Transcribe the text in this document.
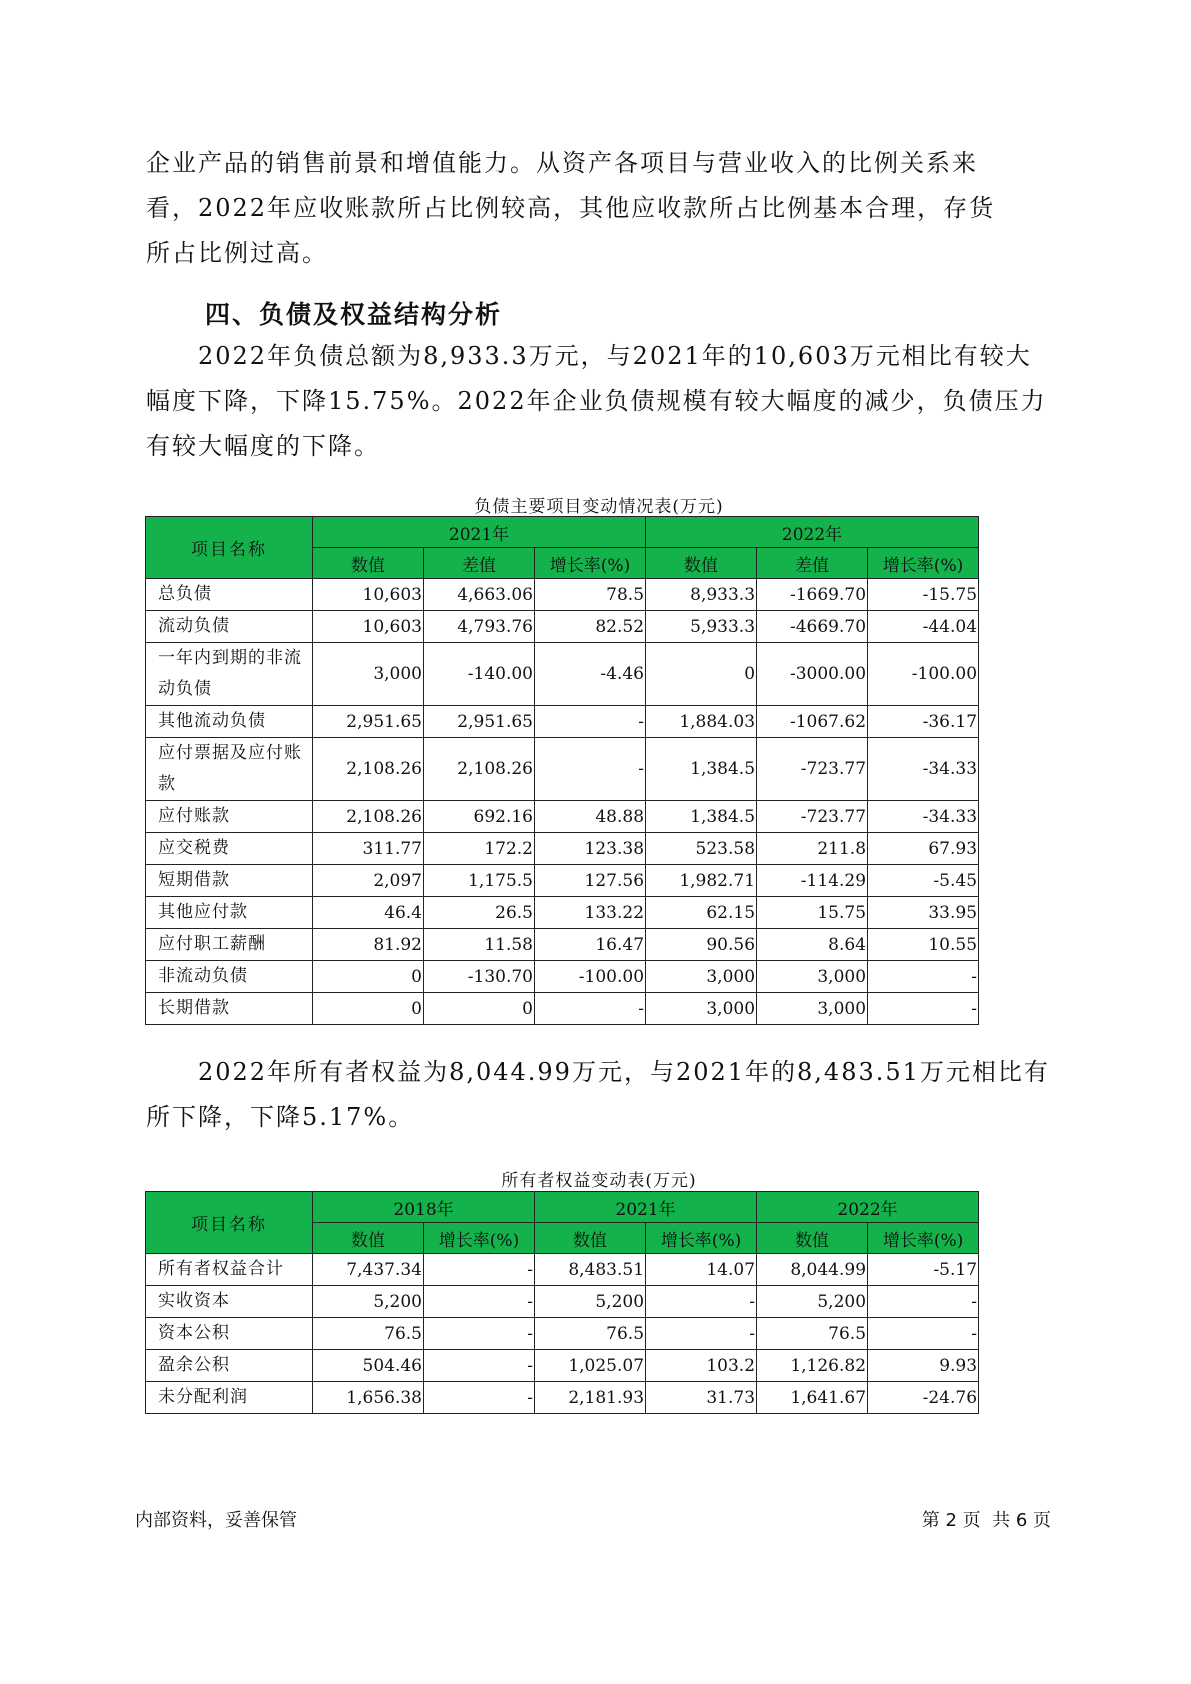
企业产品的销售前景和增值能力。从资产各项目与营业收入的比例关系来
看，2022年应收账款所占比例较高，其他应收款所占比例基本合理，存货
所占比例过高。
四、负债及权益结构分析

2022年负债总额为8,933.3万元，与2021年的10,603万元相比有较大幅度下降，下降15.75%。2022年企业负债规模有较大幅度的减少，负债压力有较大幅度的下降。

负债主要项目变动情况表(万元)
项目名称	2021年			2022年		
	数值	差值	增长率(%)	数值	差值	增长率(%)
总负债	10,603	4,663.06	78.5	8,933.3	-1669.70	-15.75
流动负债	10,603	4,793.76	82.52	5,933.3	-4669.70	-44.04
一年内到期的非流动负债	3,000	-140.00	-4.46	0	-3000.00	-100.00
其他流动负债	2,951.65	2,951.65	-	1,884.03	-1067.62	-36.17
应付票据及应付账款	2,108.26	2,108.26	-	1,384.5	-723.77	-34.33
应付账款	2,108.26	692.16	48.88	1,384.5	-723.77	-34.33
应交税费	311.77	172.2	123.38	523.58	211.8	67.93
短期借款	2,097	1,175.5	127.56	1,982.71	-114.29	-5.45
其他应付款	46.4	26.5	133.22	62.15	15.75	33.95
应付职工薪酬	81.92	11.58	16.47	90.56	8.64	10.55
非流动负债	0	-130.70	-100.00	3,000	3,000	-
长期借款	0	0	-	3,000	3,000	-

2022年所有者权益为8,044.99万元，与2021年的8,483.51万元相比有所下降，下降5.17%。

所有者权益变动表(万元)
项目名称	2018年		2021年		2022年	
	数值	增长率(%)	数值	增长率(%)	数值	增长率(%)
所有者权益合计	7,437.34	-	8,483.51	14.07	8,044.99	-5.17
实收资本	5,200	-	5,200	-	5,200	-
资本公积	76.5	-	76.5	-	76.5	-
盈余公积	504.46	-	1,025.07	103.2	1,126.82	9.93
未分配利润	1,656.38	-	2,181.93	31.73	1,641.67	-24.76
内部资料，妥善保管	第 2 页  共 6 页
